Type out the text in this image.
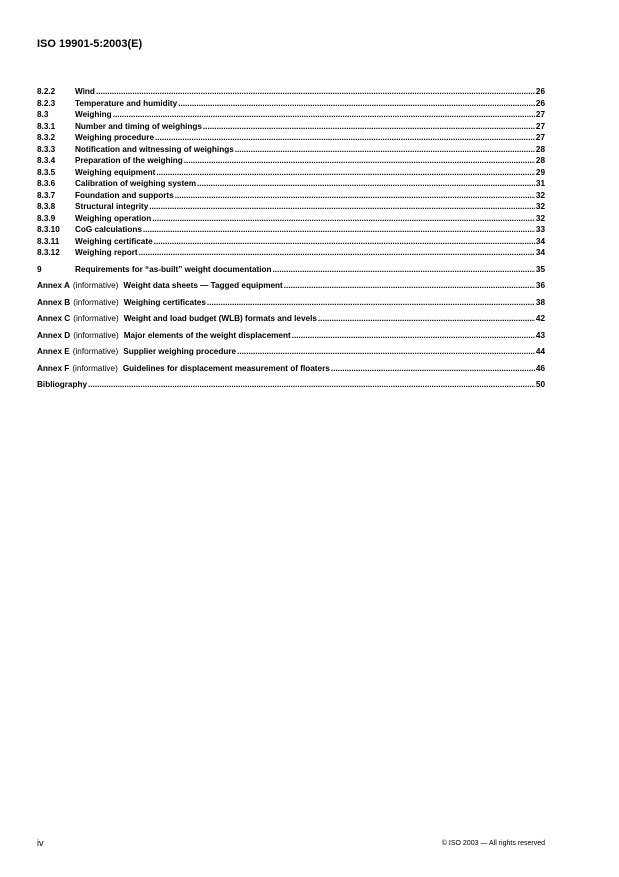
ISO 19901-5:2003(E)
8.2.2	Wind .....	26
8.2.3	Temperature and humidity .....	26
8.3	Weighing .....	27
8.3.1	Number and timing of weighings .....	27
8.3.2	Weighing procedure .....	27
8.3.3	Notification and witnessing of weighings .....	28
8.3.4	Preparation of the weighing .....	28
8.3.5	Weighing equipment .....	29
8.3.6	Calibration of weighing system .....	31
8.3.7	Foundation and supports .....	32
8.3.8	Structural integrity .....	32
8.3.9	Weighing operation .....	32
8.3.10	CoG calculations .....	33
8.3.11	Weighing certificate .....	34
8.3.12	Weighing report .....	34
9	Requirements for “as-built” weight documentation .....	35
Annex A (informative) Weight data sheets — Tagged equipment .....	36
Annex B (informative) Weighing certificates .....	38
Annex C (informative) Weight and load budget (WLB) formats and levels .....	42
Annex D (informative) Major elements of the weight displacement .....	43
Annex E (informative) Supplier weighing procedure .....	44
Annex F (informative) Guidelines for displacement measurement of floaters .....	46
Bibliography .....	50
iv	© ISO 2003 — All rights reserved
